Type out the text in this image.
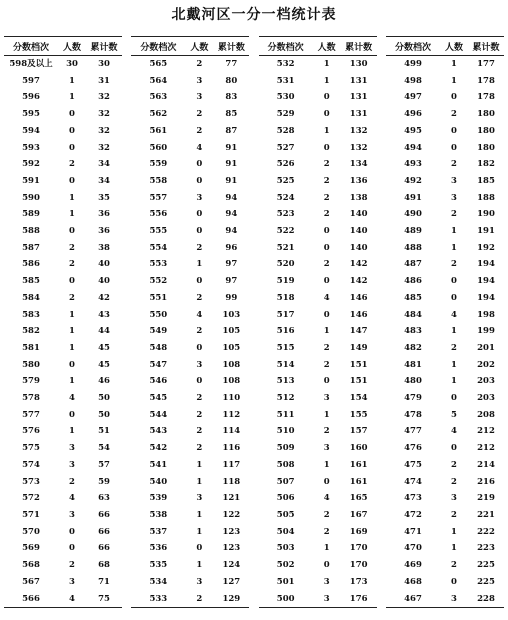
北戴河区一分一档统计表
分数档次	人数	累计数
598及以上	30	30
597	1	31
596	1	32
595	0	32
594	0	32
593	0	32
592	2	34
591	0	34
590	1	35
589	1	36
588	0	36
587	2	38
586	2	40
585	0	40
584	2	42
583	1	43
582	1	44
581	1	45
580	0	45
579	1	46
578	4	50
577	0	50
576	1	51
575	3	54
574	3	57
573	2	59
572	4	63
571	3	66
570	0	66
569	0	66
568	2	68
567	3	71
566	4	75
分数档次	人数	累计数
565	2	77
564	3	80
563	3	83
562	2	85
561	2	87
560	4	91
559	0	91
558	0	91
557	3	94
556	0	94
555	0	94
554	2	96
553	1	97
552	0	97
551	2	99
550	4	103
549	2	105
548	0	105
547	3	108
546	0	108
545	2	110
544	2	112
543	2	114
542	2	116
541	1	117
540	1	118
539	3	121
538	1	122
537	1	123
536	0	123
535	1	124
534	3	127
533	2	129
分数档次	人数	累计数
532	1	130
531	1	131
530	0	131
529	0	131
528	1	132
527	0	132
526	2	134
525	2	136
524	2	138
523	2	140
522	0	140
521	0	140
520	2	142
519	0	142
518	4	146
517	0	146
516	1	147
515	2	149
514	2	151
513	0	151
512	3	154
511	1	155
510	2	157
509	3	160
508	1	161
507	0	161
506	4	165
505	2	167
504	2	169
503	1	170
502	0	170
501	3	173
500	3	176
分数档次	人数	累计数
499	1	177
498	1	178
497	0	178
496	2	180
495	0	180
494	0	180
493	2	182
492	3	185
491	3	188
490	2	190
489	1	191
488	1	192
487	2	194
486	0	194
485	0	194
484	4	198
483	1	199
482	2	201
481	1	202
480	1	203
479	0	203
478	5	208
477	4	212
476	0	212
475	2	214
474	2	216
473	3	219
472	2	221
471	1	222
470	1	223
469	2	225
468	0	225
467	3	228
